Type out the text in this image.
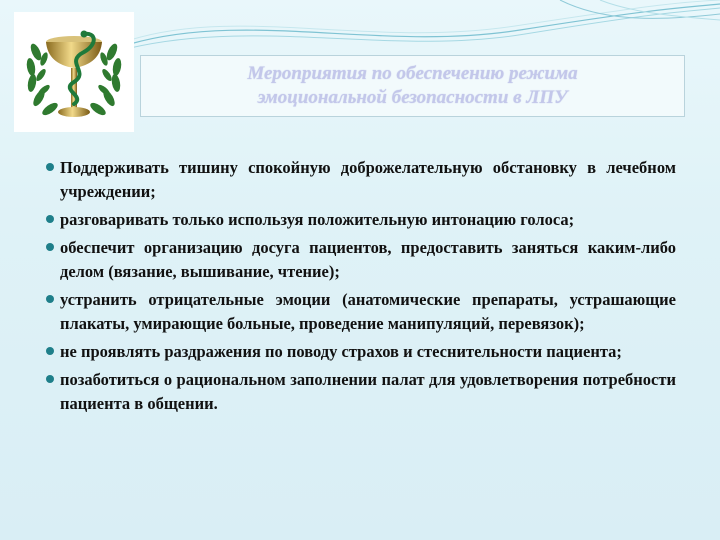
Мероприятия по обеспечению режима
эмоциональной безопасности в ЛПУ
Поддерживать тишину спокойную доброжелательную обстановку в лечебном учреждении;
разговаривать только используя положительную интонацию голоса;
обеспечит организацию досуга пациентов, предоставить заняться каким-либо делом (вязание, вышивание, чтение);
устранить отрицательные эмоции (анатомические препараты, устрашающие плакаты, умирающие больные, проведение манипуляций, перевязок);
не проявлять раздражения по поводу страхов и стеснительности пациента;
позаботиться о рациональном заполнении палат для удовлетворения потребности пациента в общении.
